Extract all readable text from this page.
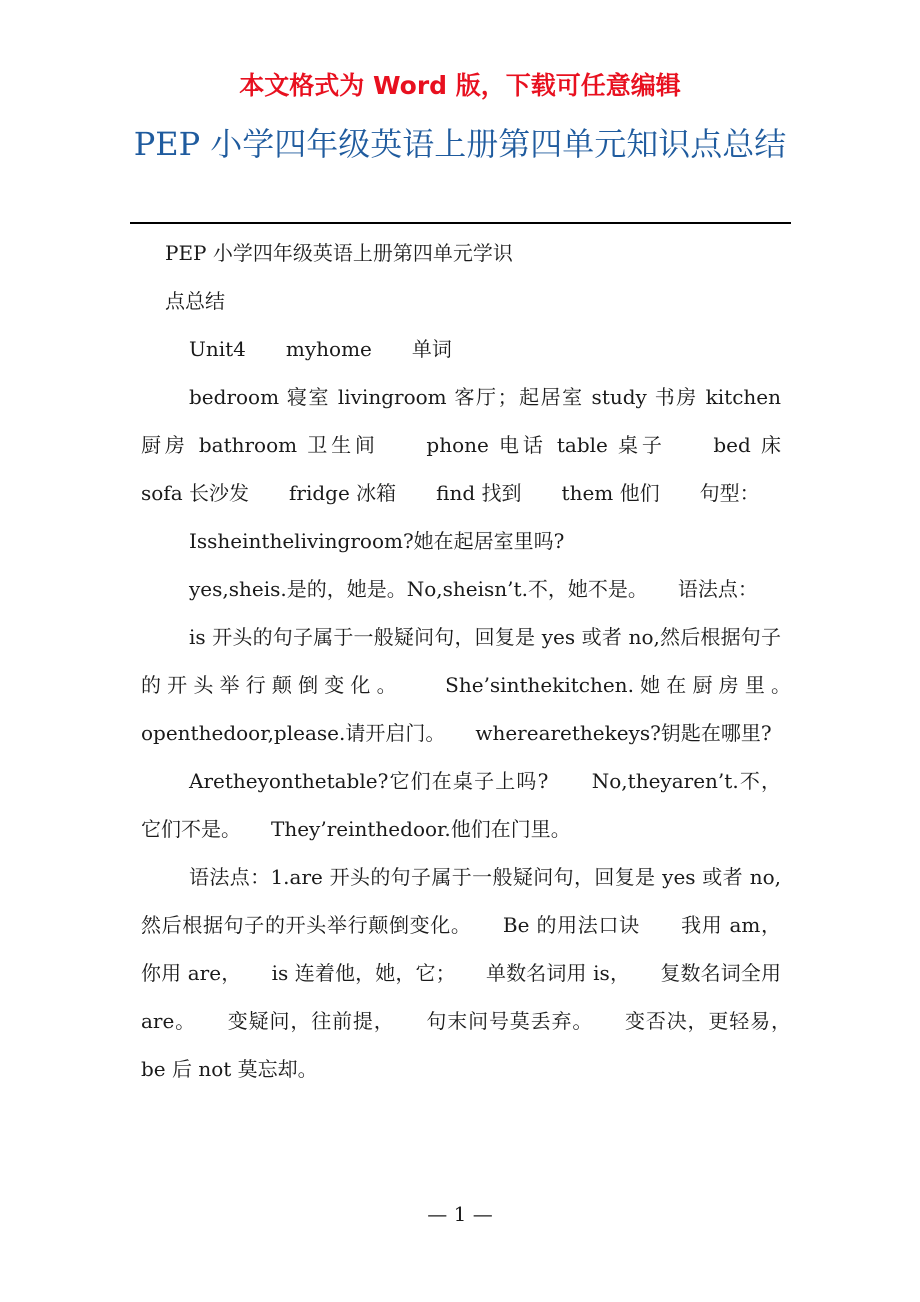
本文格式为 Word 版，下载可任意编辑
PEP 小学四年级英语上册第四单元知识点总结

PEP 小学四年级英语上册第四单元学识

点总结

Unit4　　myhome　　单词

bedroom 寝室 livingroom 客厅；起居室 study 书房 kitchen 厨房 bathroom 卫生间　　phone 电话 table 桌子　　bed 床　　sofa 长沙发　　fridge 冰箱　　find 找到　　them 他们　　句型：

Issheinthelivingroom?她在起居室里吗?

yes,sheis.是的，她是。No,sheisn’t.不，她不是。　　语法点：

is 开头的句子属于一般疑问句，回复是 yes 或者 no,然后根据句子的开头举行颠倒变化。　　She’sinthekitchen.她在厨房里。　　openthedoor,please.请开启门。　　wherearethekeys?钥匙在哪里?

Aretheyonthetable?它们在桌子上吗?　　No,theyaren’t.不，它们不是。　　They’reinthedoor.他们在门里。

语法点：1.are 开头的句子属于一般疑问句，回复是 yes 或者 no,然后根据句子的开头举行颠倒变化。　　Be 的用法口诀　　我用 am，你用 are，　　is 连着他，她，它；　　单数名词用 is，　　复数名词全用 are。　　变疑问，往前提，　　句末问号莫丢弃。　　变否决，更轻易，　　be 后 not 莫忘却。

— 1 —
